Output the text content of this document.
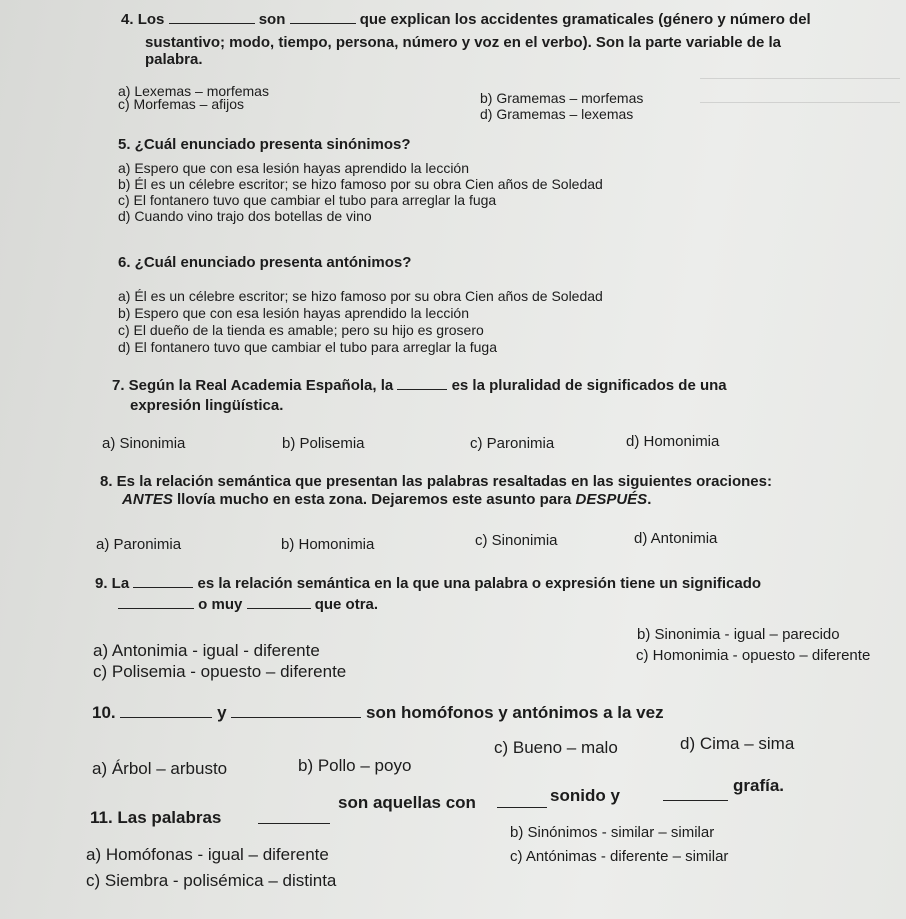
4. Los	son	que explican los accidentes gramaticales (género y número del
sustantivo; modo, tiempo, persona, número y voz en el verbo). Son la parte variable de la
palabra.
a) Lexemas – morfemas	b) Gramemas – morfemas
c) Morfemas – afijos
d) Gramemas – lexemas
5. ¿Cuál enunciado presenta sinónimos?
a) Espero que con esa lesión hayas aprendido la lección
b) Él es un célebre escritor; se hizo famoso por su obra Cien años de Soledad
c) El fontanero tuvo que cambiar el tubo para arreglar la fuga
d) Cuando vino trajo dos botellas de vino
6. ¿Cuál enunciado presenta antónimos?
a) Él es un célebre escritor; se hizo famoso por su obra Cien años de Soledad
b) Espero que con esa lesión hayas aprendido la lección
c) El dueño de la tienda es amable; pero su hijo es grosero
d) El fontanero tuvo que cambiar el tubo para arreglar la fuga
7. Según la Real Academia Española, la	es la pluralidad de significados de una
expresión lingüística.
a) Sinonimia	b) Polisemia	c) Paronimia	d) Homonimia
8. Es la relación semántica que presentan las palabras resaltadas en las siguientes oraciones:
ANTES llovía mucho en esta zona. Dejaremos este asunto para DESPUÉS.
a) Paronimia	b) Homonimia	c) Sinonimia	d) Antonimia
9. La	es la relación semántica en la que una palabra o expresión tiene un significado
o muy	que otra.
a) Antonimia - igual - diferente
b) Sinonimia - igual – parecido
c) Polisemia - opuesto – diferente
c) Homonimia - opuesto – diferente
10.	y	son homófonos y antónimos a la vez
a) Árbol – arbusto	b) Pollo – poyo
c) Bueno – malo	d) Cima – sima
11. Las palabras
son aquellas con	sonido y
grafía.
a) Homófonas - igual – diferente
b) Sinónimos - similar – similar
c) Siembra - polisémica – distinta
c) Antónimas - diferente – similar
